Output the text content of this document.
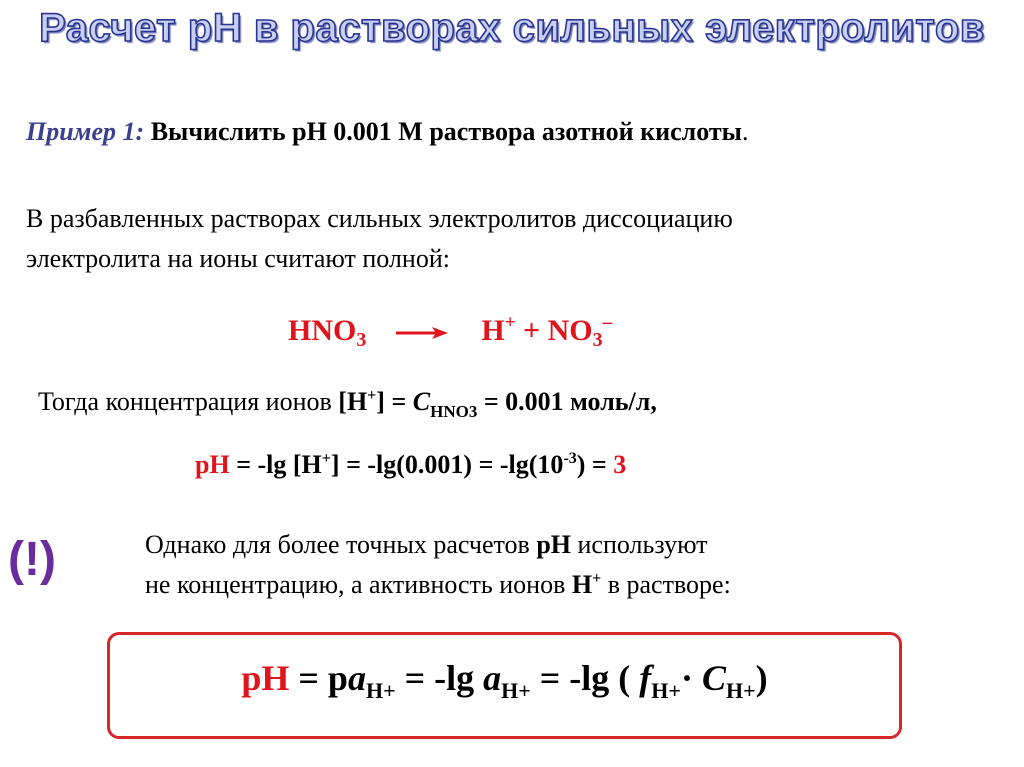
Расчет рН в растворах сильных электролитов
Пример 1: Вычислить рН 0.001 М раствора азотной кислоты.
В разбавленных растворах сильных электролитов диссоциацию
электролита на ионы считают полной:
$HNO_3 \to H^+ + NO_3^-$
Тогда концентрация ионов $[H^+] = C_{HNO3} = 0.001$ моль/л,
pH = -lg $[H^+] = -\lg(0.001) = -\lg(10^{-3}) = 3$
(!)	Однако для более точных расчетов рН используют
не концентрацию, а активность ионов Н+ в растворе:
pH = $pa_{H+} = -\lg$ $a_{H+} = -\lg$ ( $f_{H+}\cdot C_{H+}$)
